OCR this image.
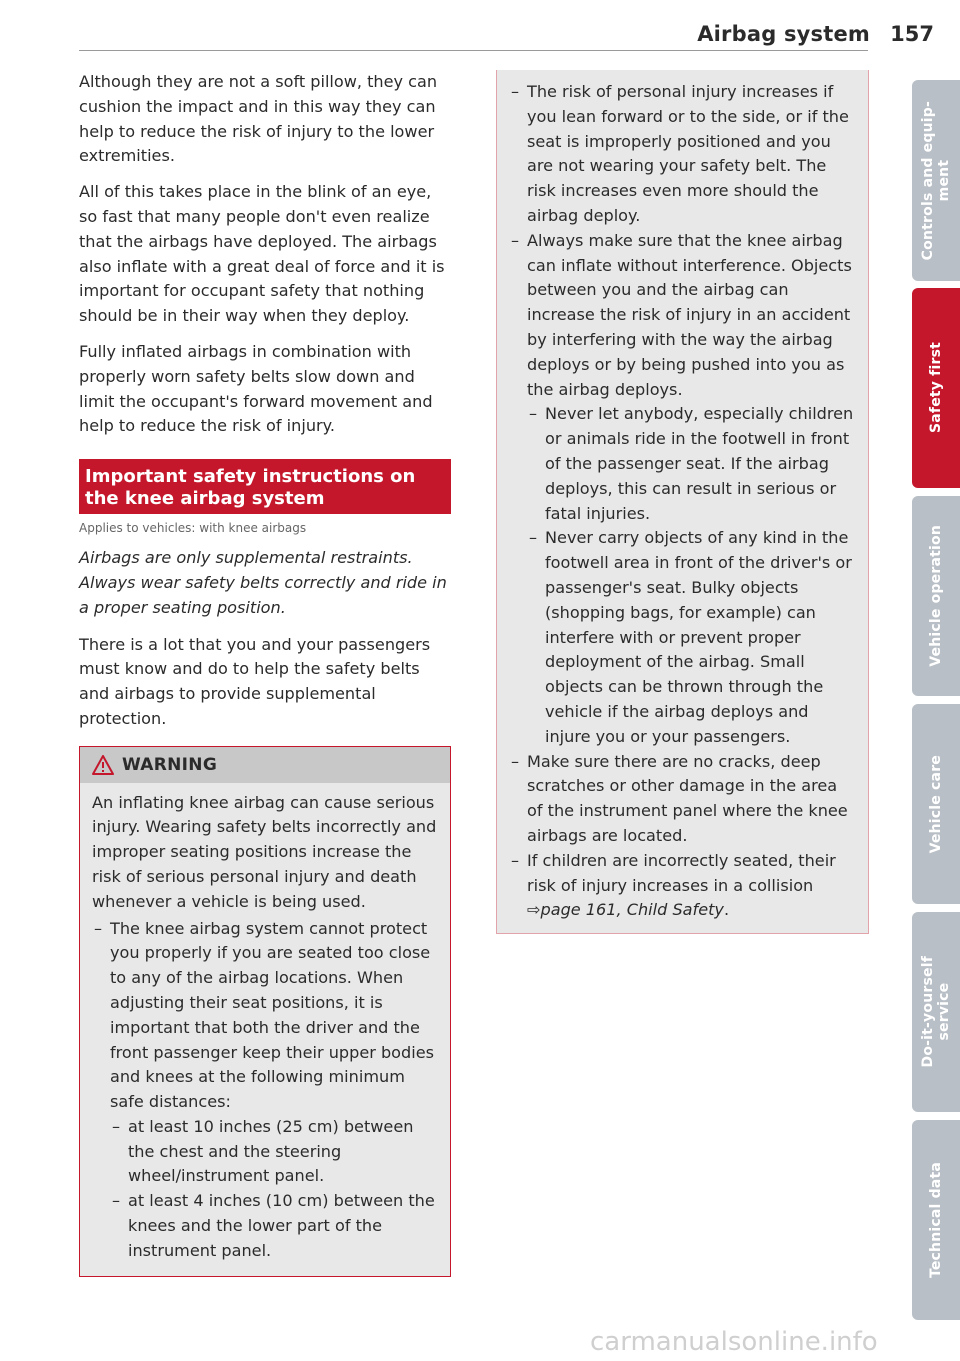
Airbag system 157

Although they are not a soft pillow, they can cushion the impact and in this way they can help to reduce the risk of injury to the lower extremities.

All of this takes place in the blink of an eye, so fast that many people don't even realize that the airbags have deployed. The airbags also inflate with a great deal of force and it is important for occupant safety that nothing should be in their way when they deploy.

Fully inflated airbags in combination with properly worn safety belts slow down and limit the occupant's forward movement and help to reduce the risk of injury.

Important safety instructions on the knee airbag system
Applies to vehicles: with knee airbags

Airbags are only supplemental restraints. Always wear safety belts correctly and ride in a proper seating position.

There is a lot that you and your passengers must know and do to help the safety belts and airbags to provide supplemental protection.

WARNING

An inflating knee airbag can cause serious injury. Wearing safety belts incorrectly and improper seating positions increase the risk of serious personal injury and death whenever a vehicle is being used.

– The knee airbag system cannot protect you properly if you are seated too close to any of the airbag locations. When adjusting their seat positions, it is important that both the driver and the front passenger keep their upper bodies and knees at the following minimum safe distances:
– at least 10 inches (25 cm) between the chest and the steering wheel/instrument panel.
– at least 4 inches (10 cm) between the knees and the lower part of the instrument panel.
– The risk of personal injury increases if you lean forward or to the side, or if the seat is improperly positioned and you are not wearing your safety belt. The risk increases even more should the airbag deploy.
– Always make sure that the knee airbag can inflate without interference. Objects between you and the airbag can increase the risk of injury in an accident by interfering with the way the airbag deploys or by being pushed into you as the airbag deploys.
– Never let anybody, especially children or animals ride in the footwell in front of the passenger seat. If the airbag deploys, this can result in serious or fatal injuries.
– Never carry objects of any kind in the footwell area in front of the driver's or passenger's seat. Bulky objects (shopping bags, for example) can interfere with or prevent proper deployment of the airbag. Small objects can be thrown through the vehicle if the airbag deploys and injure you or your passengers.
– Make sure there are no cracks, deep scratches or other damage in the area of the instrument panel where the knee airbags are located.
– If children are incorrectly seated, their risk of injury increases in a collision ⇨page 161, Child Safety.
Controls and equip-
ment
Safety first
Vehicle operation
Vehicle care
Do-it-yourself
service
Technical data
carmanualsonline.info
